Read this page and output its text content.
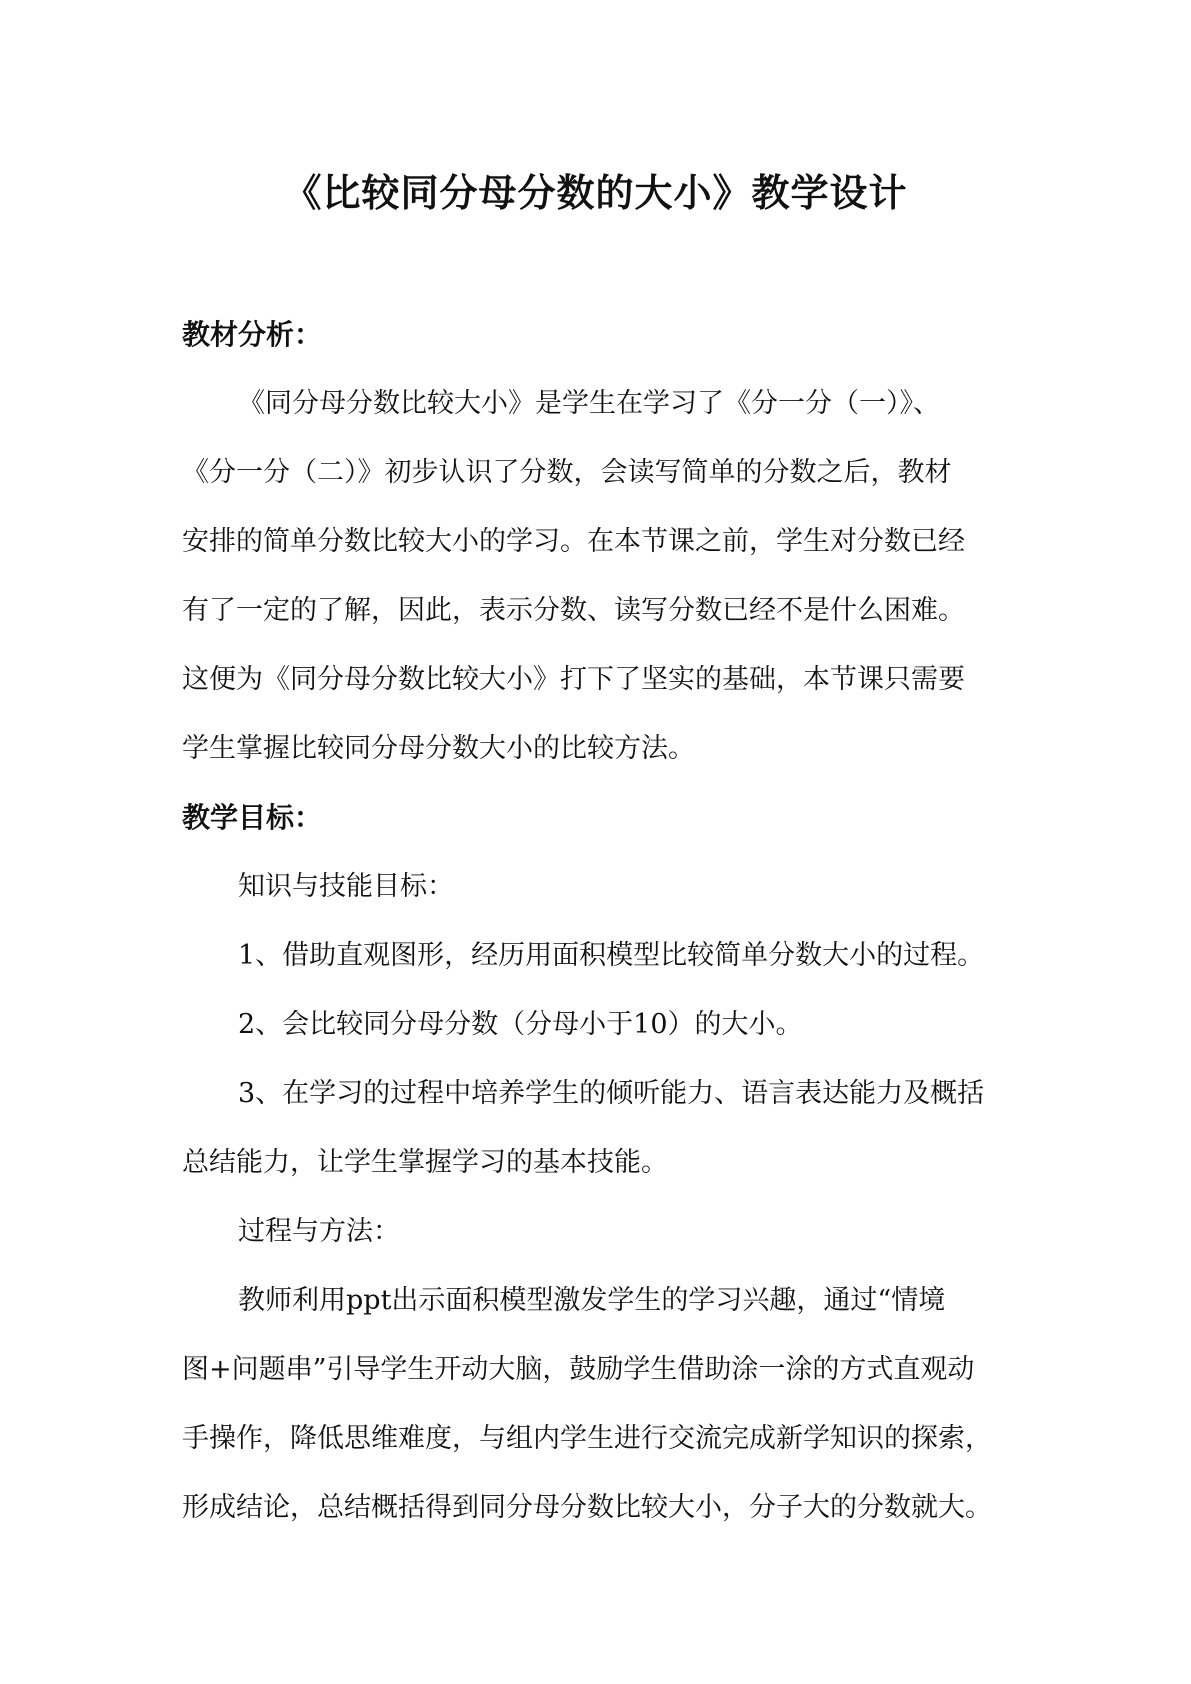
《比较同分母分数的大小》教学设计
教材分析：
《同分母分数比较大小》是学生在学习了《分一分（一）》、
《分一分（二）》初步认识了分数，会读写简单的分数之后，教材
安排的简单分数比较大小的学习。在本节课之前，学生对分数已经
有了一定的了解，因此，表示分数、读写分数已经不是什么困难。
这便为《同分母分数比较大小》打下了坚实的基础，本节课只需要
学生掌握比较同分母分数大小的比较方法。
教学目标：
知识与技能目标：
1、借助直观图形，经历用面积模型比较简单分数大小的过程。
2、会比较同分母分数（分母小于10）的大小。
3、在学习的过程中培养学生的倾听能力、语言表达能力及概括
总结能力，让学生掌握学习的基本技能。
过程与方法：
教师利用ppt出示面积模型激发学生的学习兴趣，通过“情境
图+问题串”引导学生开动大脑，鼓励学生借助涂一涂的方式直观动
手操作，降低思维难度，与组内学生进行交流完成新学知识的探索，
形成结论，总结概括得到同分母分数比较大小，分子大的分数就大。
